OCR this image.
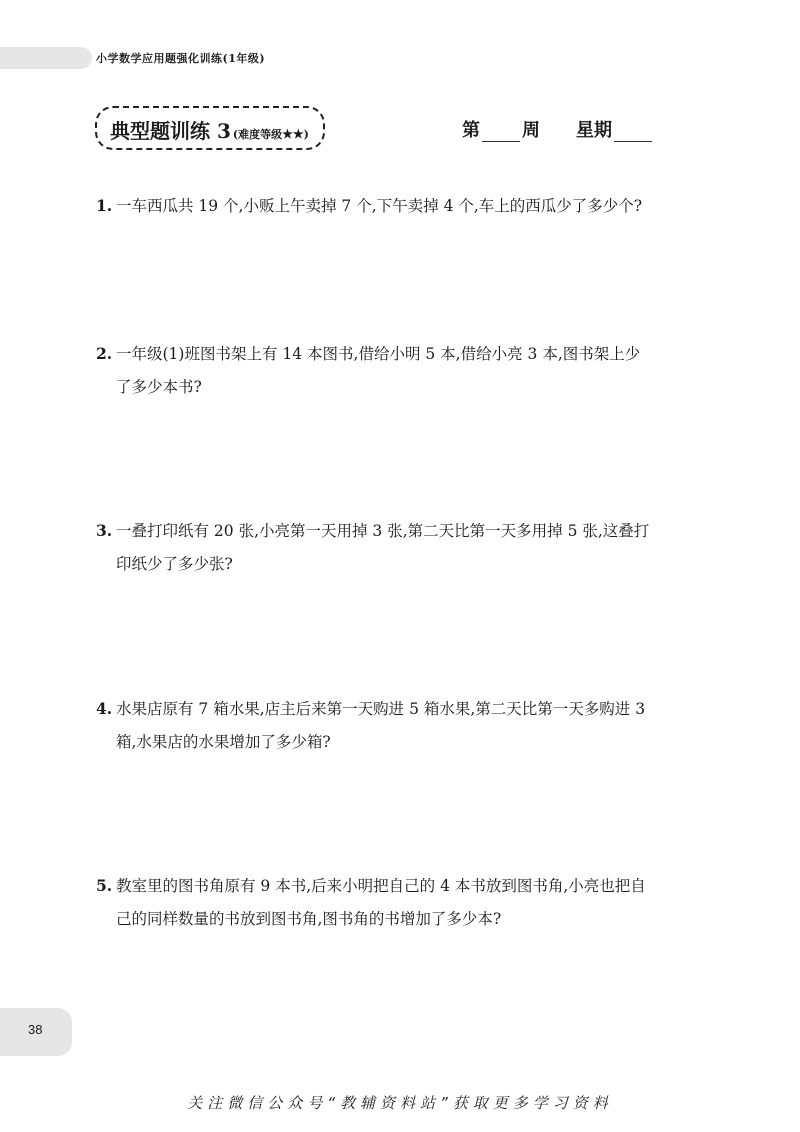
小学数学应用题强化训练(1年级)
典型题训练 3 (难度等级★★)	第 周 星期
1. 一车西瓜共 19 个,小贩上午卖掉 7 个,下午卖掉 4 个,车上的西瓜少了多少个?
2. 一年级(1)班图书架上有 14 本图书,借给小明 5 本,借给小亮 3 本,图书架上少
了多少本书?
3. 一叠打印纸有 20 张,小亮第一天用掉 3 张,第二天比第一天多用掉 5 张,这叠打
印纸少了多少张?
4. 水果店原有 7 箱水果,店主后来第一天购进 5 箱水果,第二天比第一天多购进 3
箱,水果店的水果增加了多少箱?
5. 教室里的图书角原有 9 本书,后来小明把自己的 4 本书放到图书角,小亮也把自
己的同样数量的书放到图书角,图书角的书增加了多少本?
38
关注微信公众号“教辅资料站”获取更多学习资料
